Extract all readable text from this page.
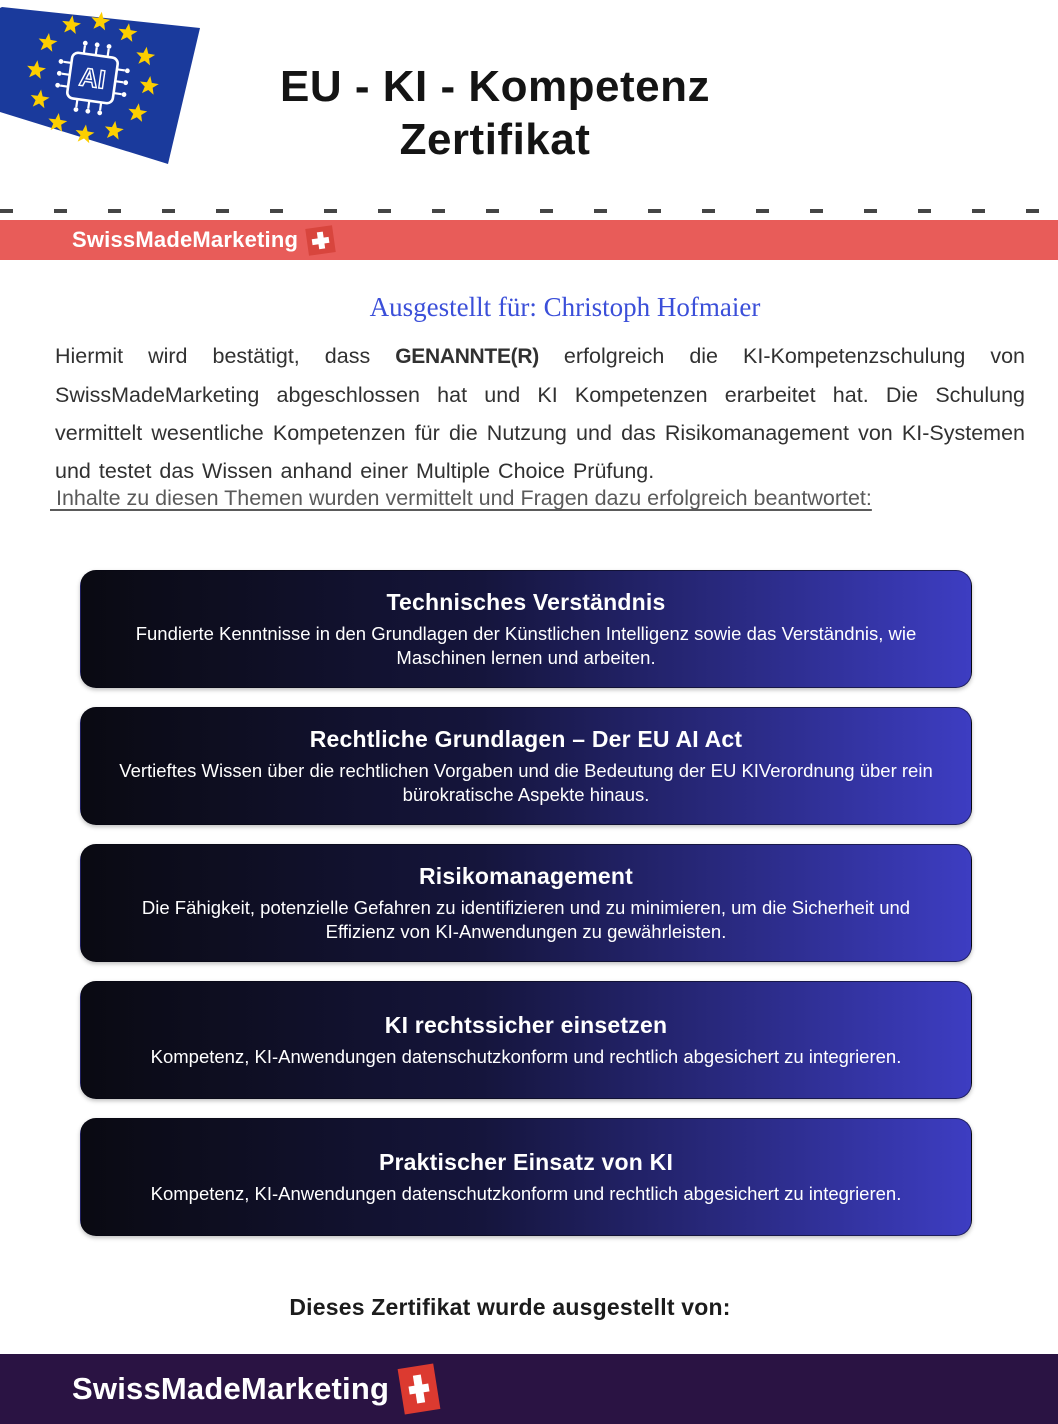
AI	EU - KI - Kompetenz
Zertifikat
SwissMadeMarketing
Ausgestellt für: Christoph Hofmaier

Hiermit wird bestätigt, dass GENANNTE(R) erfolgreich die KI-Kompetenzschulung von SwissMadeMarketing abgeschlossen hat und KI Kompetenzen erarbeitet hat. Die Schulung vermittelt wesentliche Kompetenzen für die Nutzung und das Risikomanagement von KI-Systemen und testet das Wissen anhand einer Multiple Choice Prüfung.

Inhalte zu diesen Themen wurden vermittelt und Fragen dazu erfolgreich beantwortet:
Technisches Verständnis
Fundierte Kenntnisse in den Grundlagen der Künstlichen Intelligenz sowie das Verständnis, wie Maschinen lernen und arbeiten.
Rechtliche Grundlagen – Der EU AI Act
Vertieftes Wissen über die rechtlichen Vorgaben und die Bedeutung der EU KIVerordnung über rein bürokratische Aspekte hinaus.
Risikomanagement
Die Fähigkeit, potenzielle Gefahren zu identifizieren und zu minimieren, um die Sicherheit und Effizienz von KI-Anwendungen zu gewährleisten.
KI rechtssicher einsetzen
Kompetenz, KI-Anwendungen datenschutzkonform und rechtlich abgesichert zu integrieren.
Praktischer Einsatz von KI
Kompetenz, KI-Anwendungen datenschutzkonform und rechtlich abgesichert zu integrieren.
Dieses Zertifikat wurde ausgestellt von:
SwissMadeMarketing
